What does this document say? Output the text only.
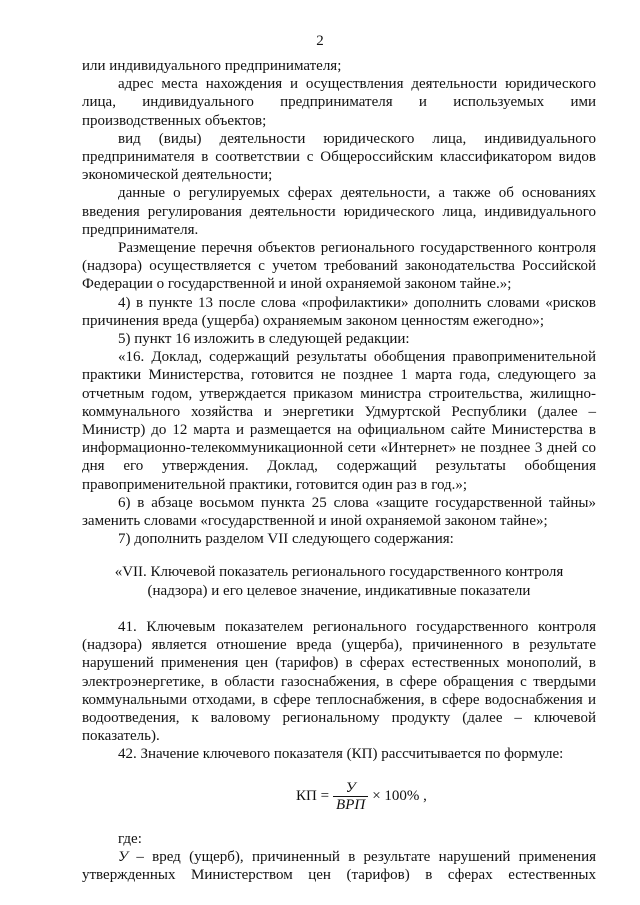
2

или индивидуального предпринимателя;

адрес места нахождения и осуществления деятельности юридического лица, индивидуального предпринимателя и используемых ими производственных объектов;

вид (виды) деятельности юридического лица, индивидуального предпринимателя в соответствии с Общероссийским классификатором видов экономической деятельности;

данные о регулируемых сферах деятельности, а также об основаниях введения регулирования деятельности юридического лица, индивидуального предпринимателя.

Размещение перечня объектов регионального государственного контроля (надзора) осуществляется с учетом требований законодательства Российской Федерации о государственной и иной охраняемой законом тайне.»;

4) в пункте 13 после слова «профилактики» дополнить словами «рисков причинения вреда (ущерба) охраняемым законом ценностям ежегодно»;

5) пункт 16 изложить в следующей редакции:

«16. Доклад, содержащий результаты обобщения правоприменительной практики Министерства, готовится не позднее 1 марта года, следующего за отчетным годом, утверждается приказом министра строительства, жилищно-коммунального хозяйства и энергетики Удмуртской Республики (далее – Министр) до 12 марта и размещается на официальном сайте Министерства в информационно-телекоммуникационной сети «Интернет» не позднее 3 дней со дня его утверждения. Доклад, содержащий результаты обобщения правоприменительной практики, готовится один раз в год.»;

6) в абзаце восьмом пункта 25 слова «защите государственной тайны» заменить словами «государственной и иной охраняемой законом тайне»;

7) дополнить разделом VII следующего содержания:

«VII. Ключевой показатель регионального государственного контроля
(надзора) и его целевое значение, индикативные показатели

41. Ключевым показателем регионального государственного контроля (надзора) является отношение вреда (ущерба), причиненного в результате нарушений применения цен (тарифов) в сферах естественных монополий, в электроэнергетике, в области газоснабжения, в сфере обращения с твердыми коммунальными отходами, в сфере теплоснабжения, в сфере водоснабжения и водоотведения, к валовому региональному продукту (далее – ключевой показатель).

42. Значение ключевого показателя (КП) рассчитывается по формуле:

КП = $\frac{У}{\text{ВРП}} \times 100\%$ ,

где:

У – вред (ущерб), причиненный в результате нарушений применения утвержденных Министерством цен (тарифов) в сферах естественных
